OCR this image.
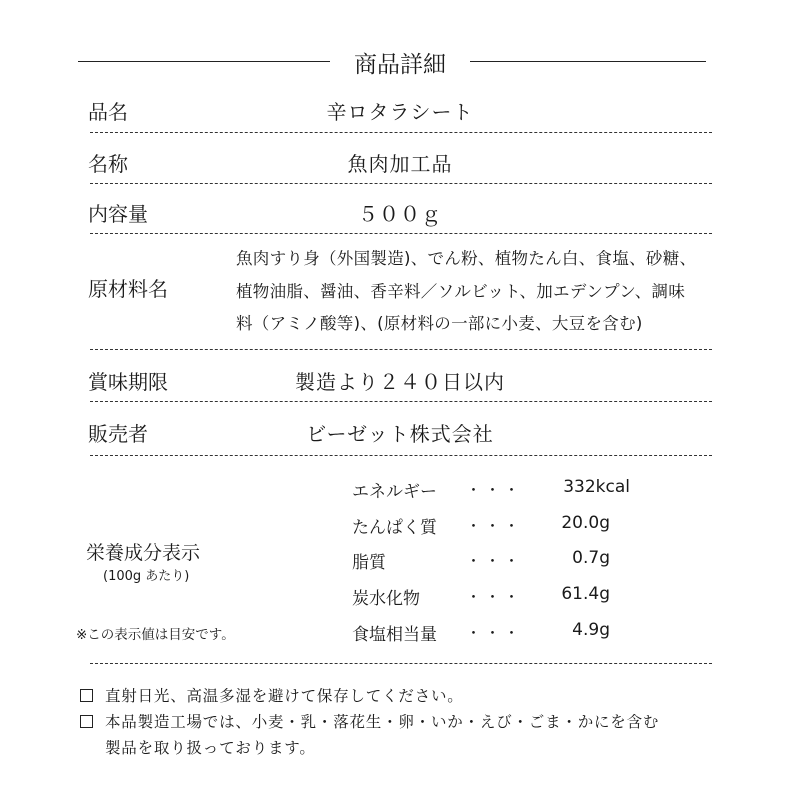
商品詳細
品名	辛ロタラシート
名称	魚肉加工品
内容量	５００ｇ
原材料名
魚肉すり身（外国製造)、でん粉、植物たん白、食塩、砂糖、
植物油脂、醤油、香辛料／ソルビット、加エデンプン、調味
料（アミノ酸等)、(原材料の一部に小麦、大豆を含む)
賞味期限	製造より２４０日以内
販売者	ビーゼット株式会社
栄養成分表示
(100g あたり)
※この表示値は目安です。
エネルギー ・・・	332kcal
たんぱく質 ・・・	20.0g
脂質	・・・	0.7g
炭水化物	・・・	61.4g
食塩相当量 ・・・	4.9g
直射日光、高温多湿を避けて保存してください。
本品製造工場では、小麦・乳・落花生・卵・いか・えび・ごま・かにを含む
製品を取り扱っております。
